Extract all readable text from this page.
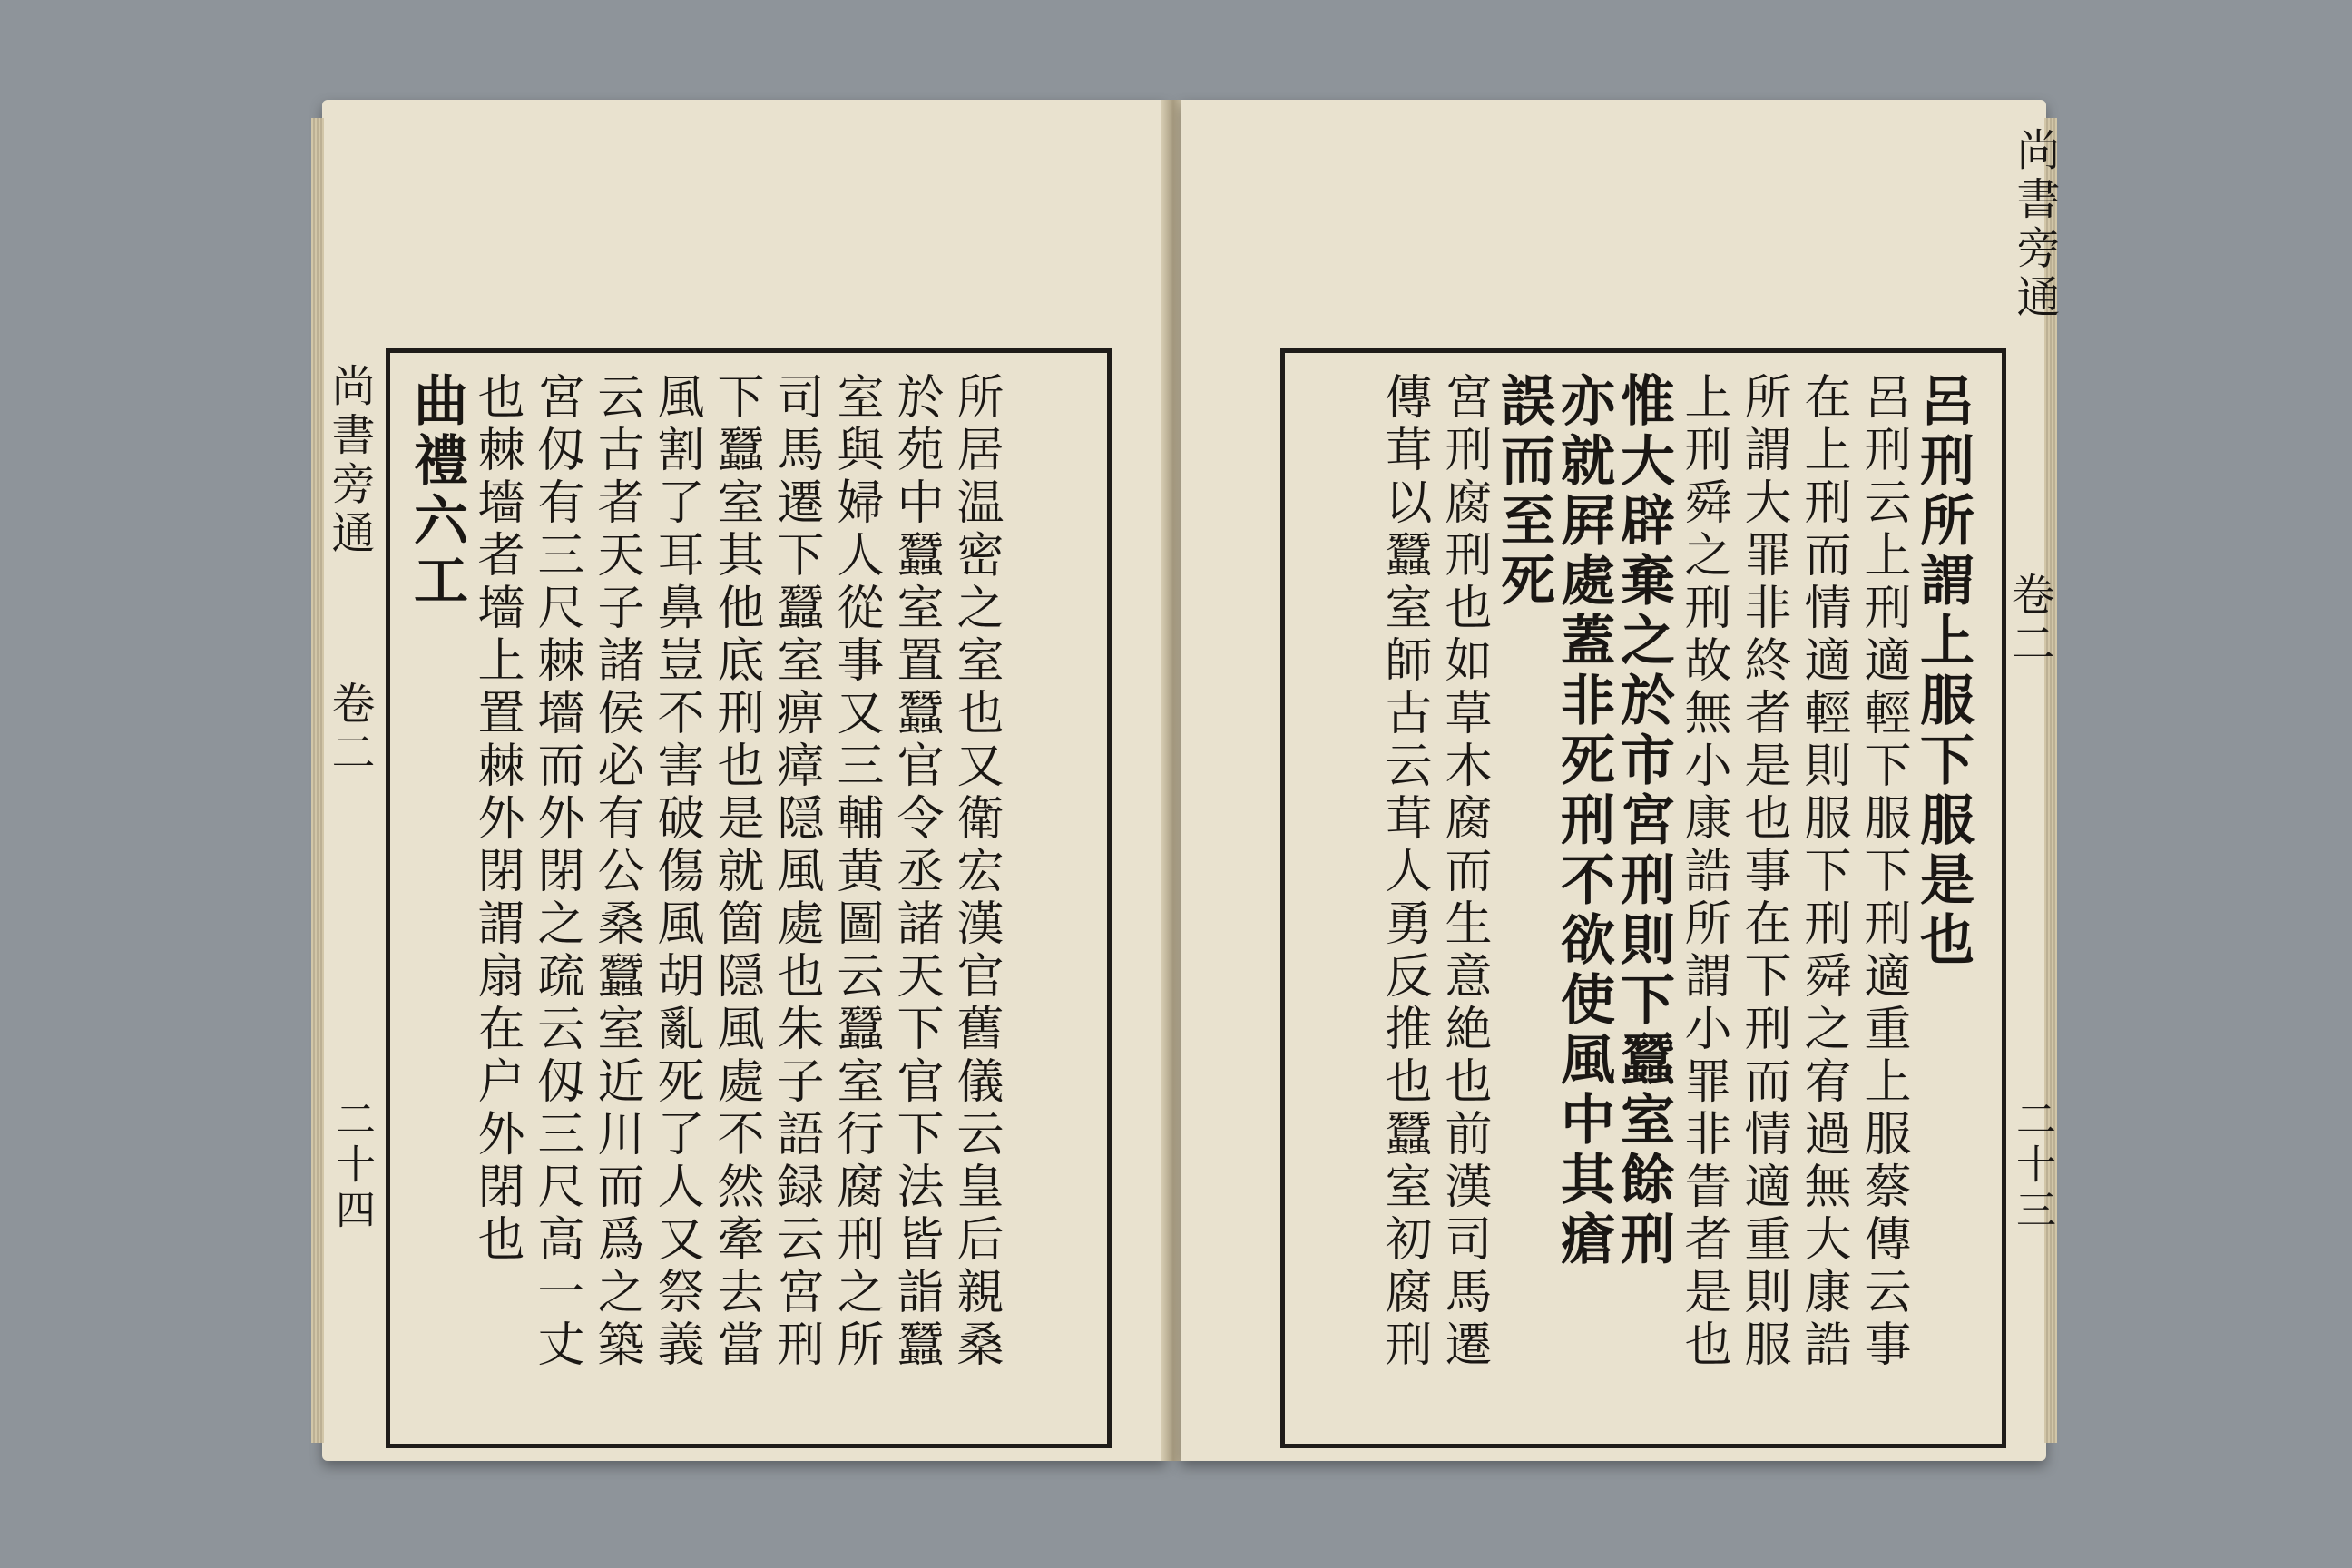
所居温密之室也又衛宏漢官舊儀云皇后親桑
於苑中蠶室置蠶官令丞諸天下官下法皆詣蠶
室與婦人從事又三輔黄圖云蠶室行腐刑之所
司馬遷下蠶室痹瘴隠風處也朱子語録云宮刑
下蠶室其他底刑也是就箇隠風處不然牽去當
風割了耳鼻豈不害破傷風胡亂死了人又祭義
云古者天子諸侯必有公桑蠶室近川而爲之築
宮仭有三尺棘墻而外閉之疏云仭三尺高一丈
也棘墻者墻上置棘外閉謂扇在户外閉也
曲禮六工
尚書旁通
卷二
二十四
呂刑所謂上服下服是也
呂刑云上刑適輕下服下刑適重上服蔡傳云事
在上刑而情適輕則服下刑舜之宥過無大康誥
所謂大罪非終者是也事在下刑而情適重則服
上刑舜之刑故無小康誥所謂小罪非眚者是也
惟大辟棄之於市宮刑則下蠶室餘刑
亦就屛處蓋非死刑不欲使風中其瘡
誤而至死
宮刑腐刑也如草木腐而生意絶也前漢司馬遷
傳茸以蠶室師古云茸人勇反推也蠶室初腐刑
尚書旁通
卷二
二十三
